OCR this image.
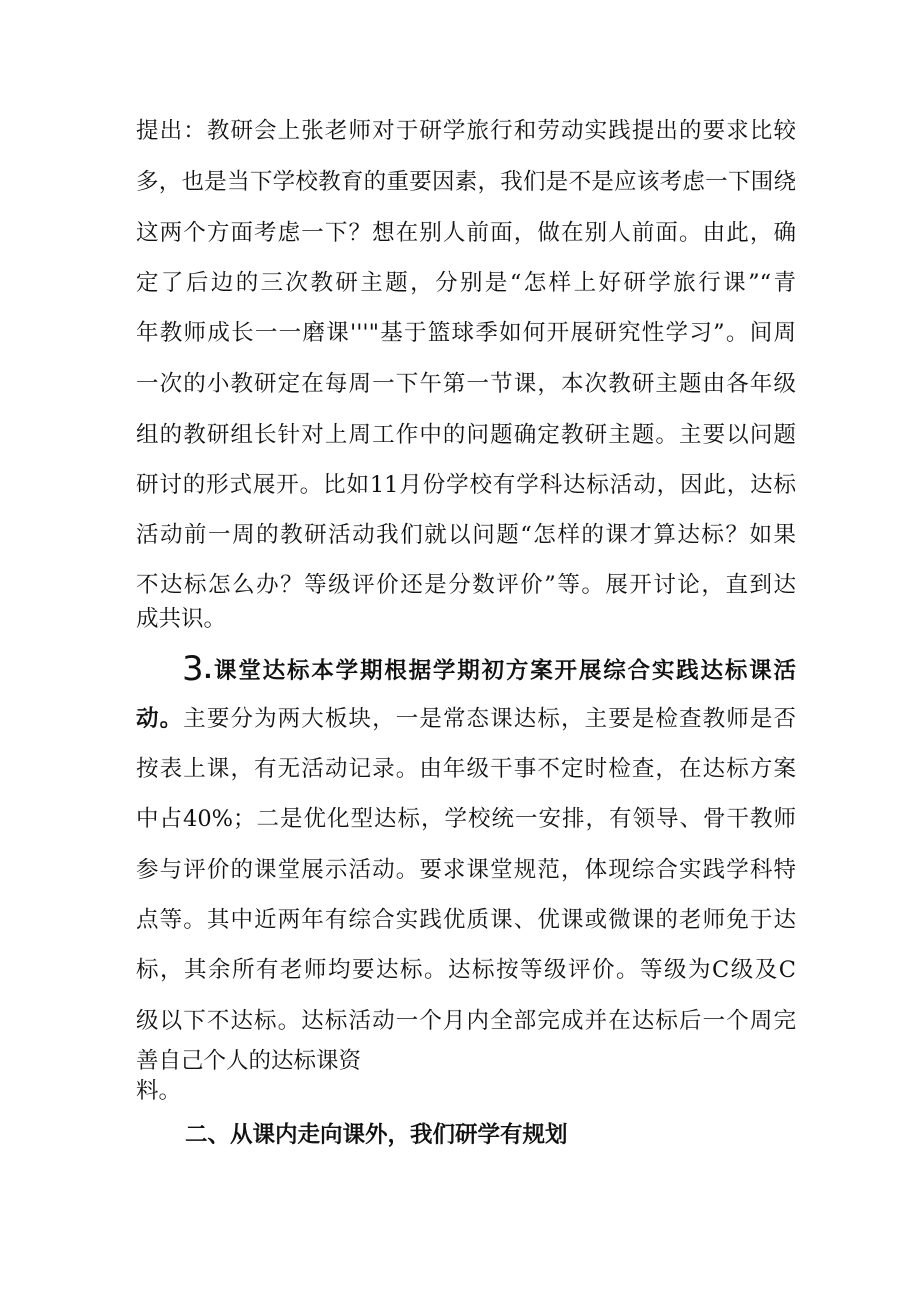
提出：教研会上张老师对于研学旅行和劳动实践提出的要求比较
多，也是当下学校教育的重要因素，我们是不是应该考虑一下围绕
这两个方面考虑一下？想在别人前面，做在别人前面。由此，确
定了后边的三次教研主题，分别是“怎样上好研学旅行课”“青
年教师成长一一磨课'''"基于篮球季如何开展研究性学习”。间周
一次的小教研定在每周一下午第一节课，本次教研主题由各年级
组的教研组长针对上周工作中的问题确定教研主题。主要以问题
研讨的形式展开。比如11月份学校有学科达标活动，因此，达标
活动前一周的教研活动我们就以问题“怎样的课才算达标？如果
不达标怎么办？等级评价还是分数评价”等。展开讨论，直到达
成共识。
3.课堂达标本学期根据学期初方案开展综合实践达标课活
动。主要分为两大板块，一是常态课达标，主要是检查教师是否
按表上课，有无活动记录。由年级干事不定时检查，在达标方案
中占40%；二是优化型达标，学校统一安排，有领导、骨干教师
参与评价的课堂展示活动。要求课堂规范，体现综合实践学科特
点等。其中近两年有综合实践优质课、优课或微课的老师免于达
标，其余所有老师均要达标。达标按等级评价。等级为C级及C
级以下不达标。达标活动一个月内全部完成并在达标后一个周完
善自己个人的达标课资
料。
二、从课内走向课外，我们研学有规划
